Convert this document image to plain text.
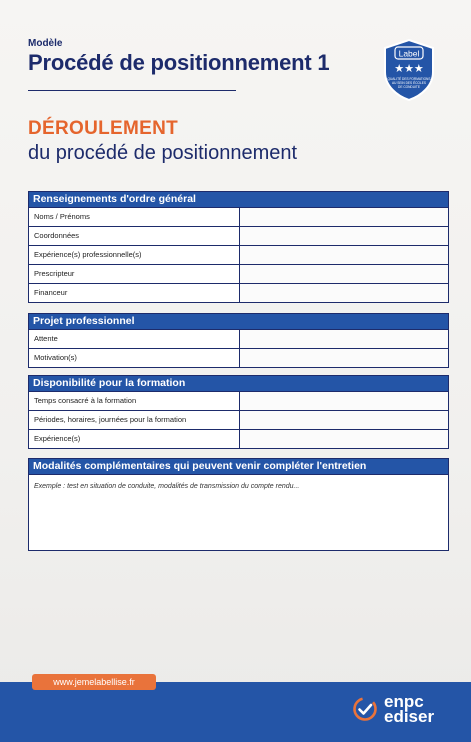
Modèle
Procédé de positionnement 1	Label
★★★
QUALITÉ DES FORMATIONS
AU SEIN DES ÉCOLES
DE CONDUITE
DÉROULEMENT
du procédé de positionnement
Renseignements d'ordre général
Noms / Prénoms
Coordonnées
Expérience(s) professionnelle(s)
Prescripteur
Financeur
Projet professionnel
Attente
Motivation(s)
Disponibilité pour la formation
Temps consacré à la formation
Périodes, horaires, journées pour la formation
Expérience(s)
Modalités complémentaires qui peuvent venir compléter l'entretien
Exemple : test en situation de conduite, modalités de transmission du compte rendu...
www.jemelabellise.fr
enpc
ediser
